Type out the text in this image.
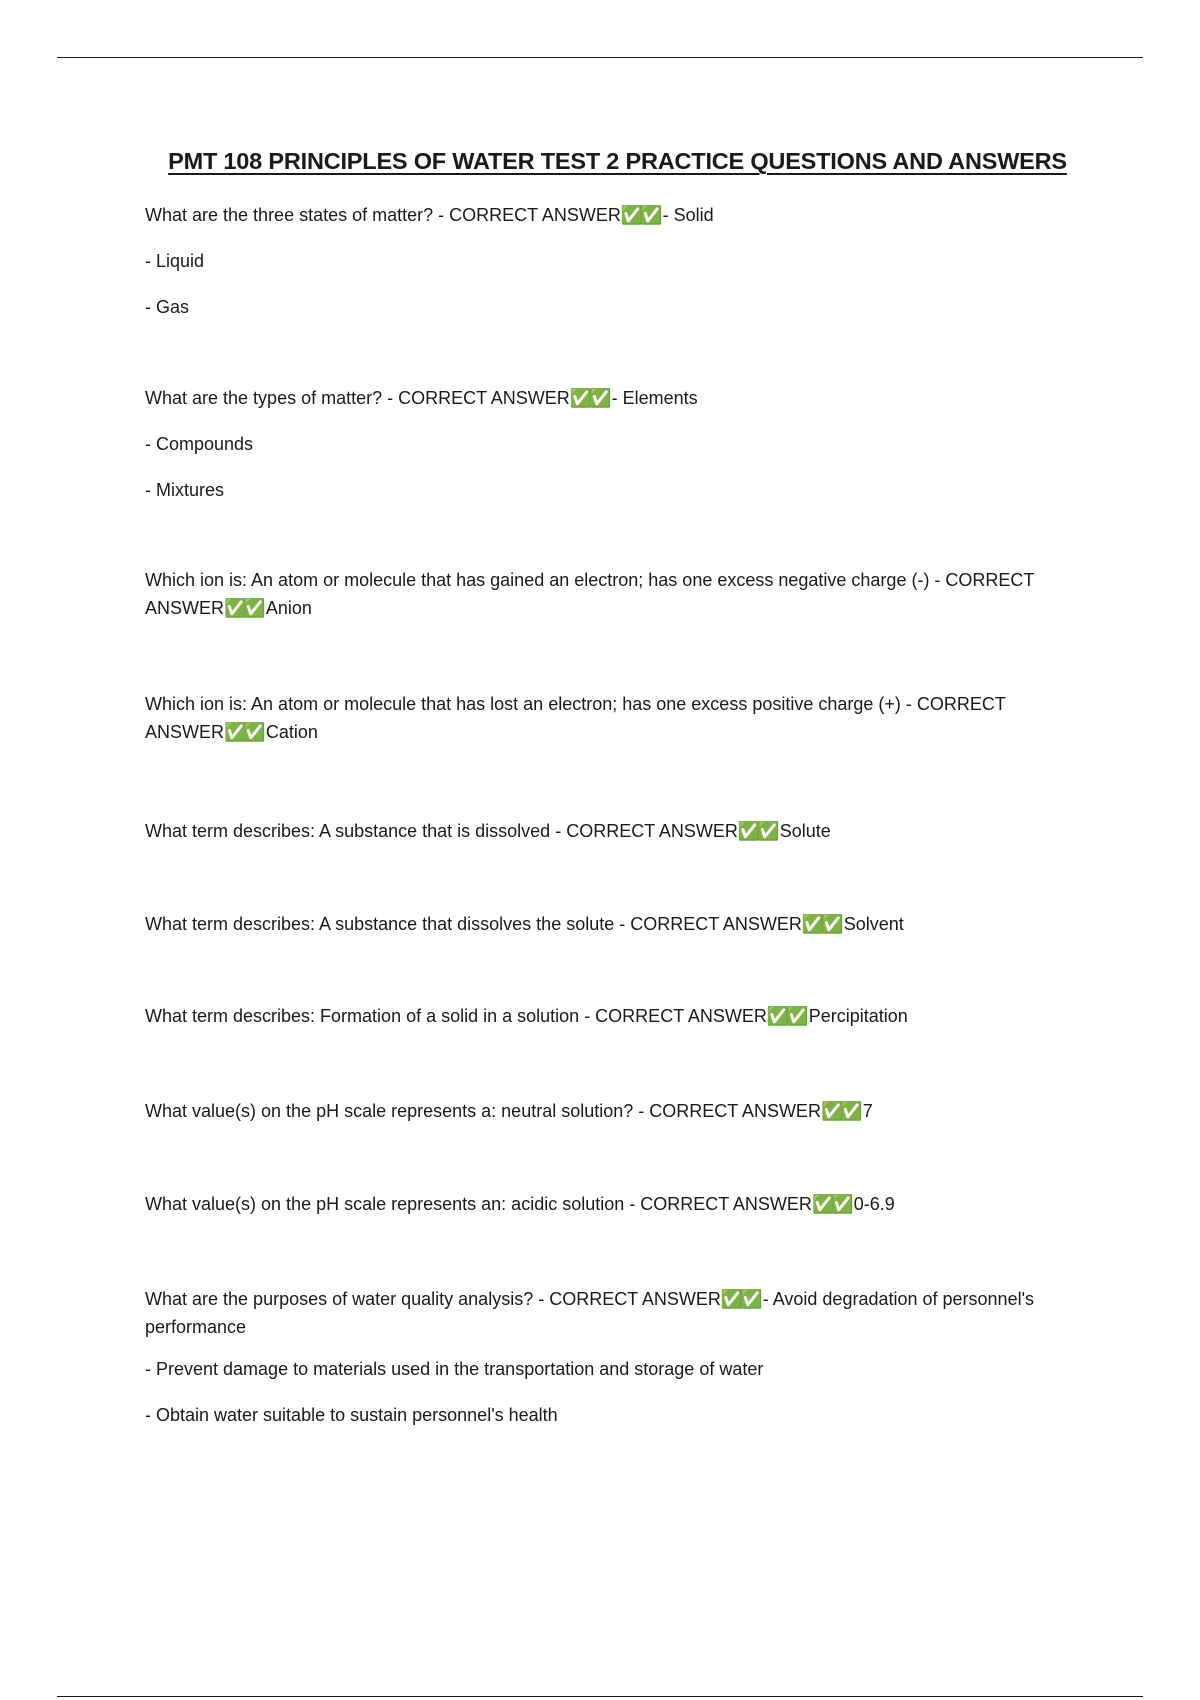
PMT 108 PRINCIPLES OF WATER TEST 2 PRACTICE QUESTIONS AND ANSWERS

What are the three states of matter? - CORRECT ANSWER✅✅ - Solid

- Liquid

- Gas

What are the types of matter? - CORRECT ANSWER✅✅ - Elements

- Compounds

- Mixtures

Which ion is: An atom or molecule that has gained an electron; has one excess negative charge (-) - CORRECT ANSWER✅✅ Anion

Which ion is: An atom or molecule that has lost an electron; has one excess positive charge (+) - CORRECT ANSWER✅✅ Cation

What term describes: A substance that is dissolved - CORRECT ANSWER✅✅ Solute

What term describes: A substance that dissolves the solute - CORRECT ANSWER✅✅ Solvent

What term describes: Formation of a solid in a solution - CORRECT ANSWER✅✅ Percipitation

What value(s) on the pH scale represents a: neutral solution? - CORRECT ANSWER✅✅ 7

What value(s) on the pH scale represents an: acidic solution - CORRECT ANSWER✅✅ 0-6.9

What are the purposes of water quality analysis? - CORRECT ANSWER✅✅ - Avoid degradation of personnel's performance

- Prevent damage to materials used in the transportation and storage of water

- Obtain water suitable to sustain personnel's health
